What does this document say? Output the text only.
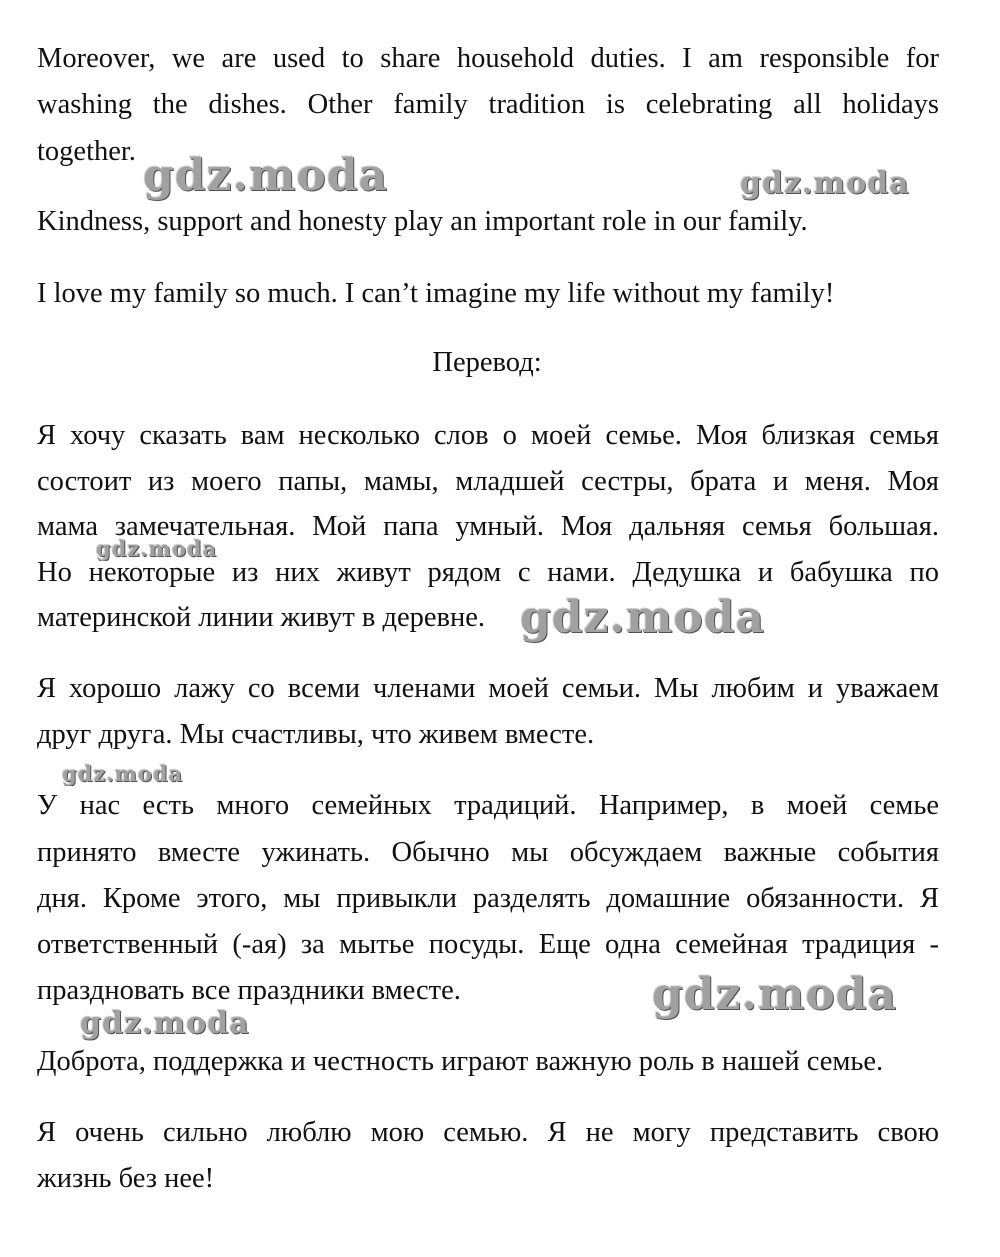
Moreover, we are used to share household duties. I am responsible for
washing the dishes. Other family tradition is celebrating all holidays
together.
Kindness, support and honesty play an important role in our family.
I love my family so much. I can’t imagine my life without my family!
Перевод:
Я хочу сказать вам несколько слов о моей семье. Моя близкая семья
состоит из моего папы, мамы, младшей сестры, брата и меня. Моя
мама замечательная. Мой папа умный. Моя дальняя семья большая.
Но некоторые из них живут рядом с нами. Дедушка и бабушка по
материнской линии живут в деревне.
Я хорошо лажу со всеми членами моей семьи. Мы любим и уважаем
друг друга. Мы счастливы, что живем вместе.
У нас есть много семейных традиций. Например, в моей семье
принято вместе ужинать. Обычно мы обсуждаем важные события
дня. Кроме этого, мы привыкли разделять домашние обязанности. Я
ответственный (-ая) за мытье посуды. Еще одна семейная традиция -
праздновать все праздники вместе.
Доброта, поддержка и честность играют важную роль в нашей семье.
Я очень сильно люблю мою семью. Я не могу представить свою
жизнь без нее!
gdz.moda	gdz.moda
gdz.moda
gdz.moda
gdz.moda
gdz.moda
gdz.moda
